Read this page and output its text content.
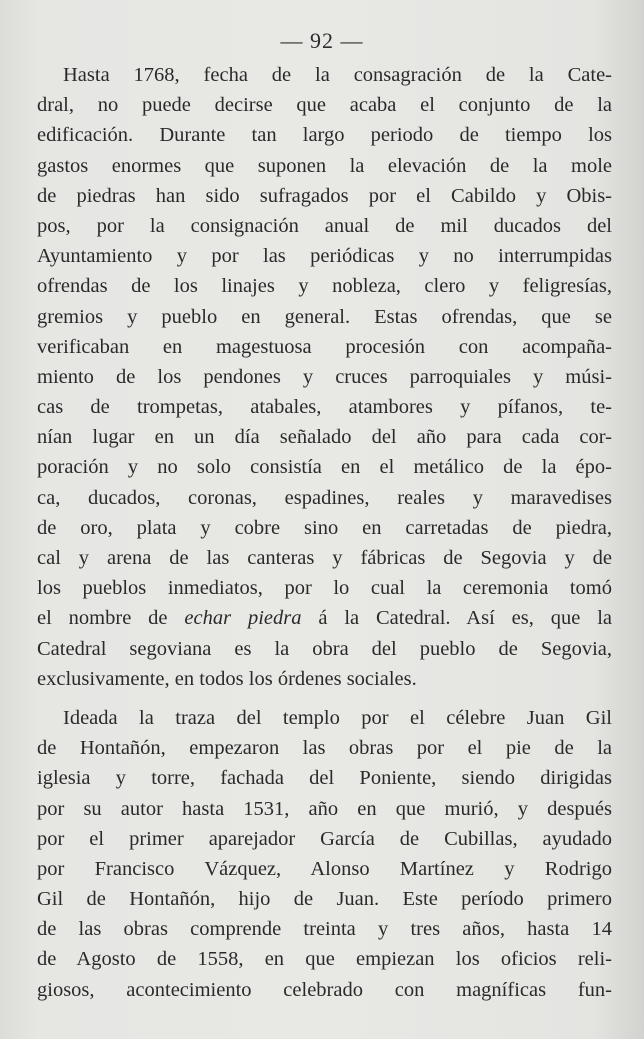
— 92 —
Hasta 1768, fecha de la consagración de la Cate-
dral, no puede decirse que acaba el conjunto de la
edificación. Durante tan largo periodo de tiempo los
gastos enormes que suponen la elevación de la mole
de piedras han sido sufragados por el Cabildo y Obis-
pos, por la consignación anual de mil ducados del
Ayuntamiento y por las periódicas y no interrumpidas
ofrendas de los linajes y nobleza, clero y feligresías,
gremios y pueblo en general. Estas ofrendas, que se
verificaban en magestuosa procesión con acompaña-
miento de los pendones y cruces parroquiales y músi-
cas de trompetas, atabales, atambores y pífanos, te-
nían lugar en un día señalado del año para cada cor-
poración y no solo consistía en el metálico de la épo-
ca, ducados, coronas, espadines, reales y maravedises
de oro, plata y cobre sino en carretadas de piedra,
cal y arena de las canteras y fábricas de Segovia y de
los pueblos inmediatos, por lo cual la ceremonia tomó
el nombre de echar piedra á la Catedral. Así es, que la
Catedral segoviana es la obra del pueblo de Segovia,
exclusivamente, en todos los órdenes sociales.
Ideada la traza del templo por el célebre Juan Gil
de Hontañón, empezaron las obras por el pie de la
iglesia y torre, fachada del Poniente, siendo dirigidas
por su autor hasta 1531, año en que murió, y después
por el primer aparejador García de Cubillas, ayudado
por Francisco Vázquez, Alonso Martínez y Rodrigo
Gil de Hontañón, hijo de Juan. Este período primero
de las obras comprende treinta y tres años, hasta 14
de Agosto de 1558, en que empiezan los oficios reli-
giosos, acontecimiento celebrado con magníficas fun-
